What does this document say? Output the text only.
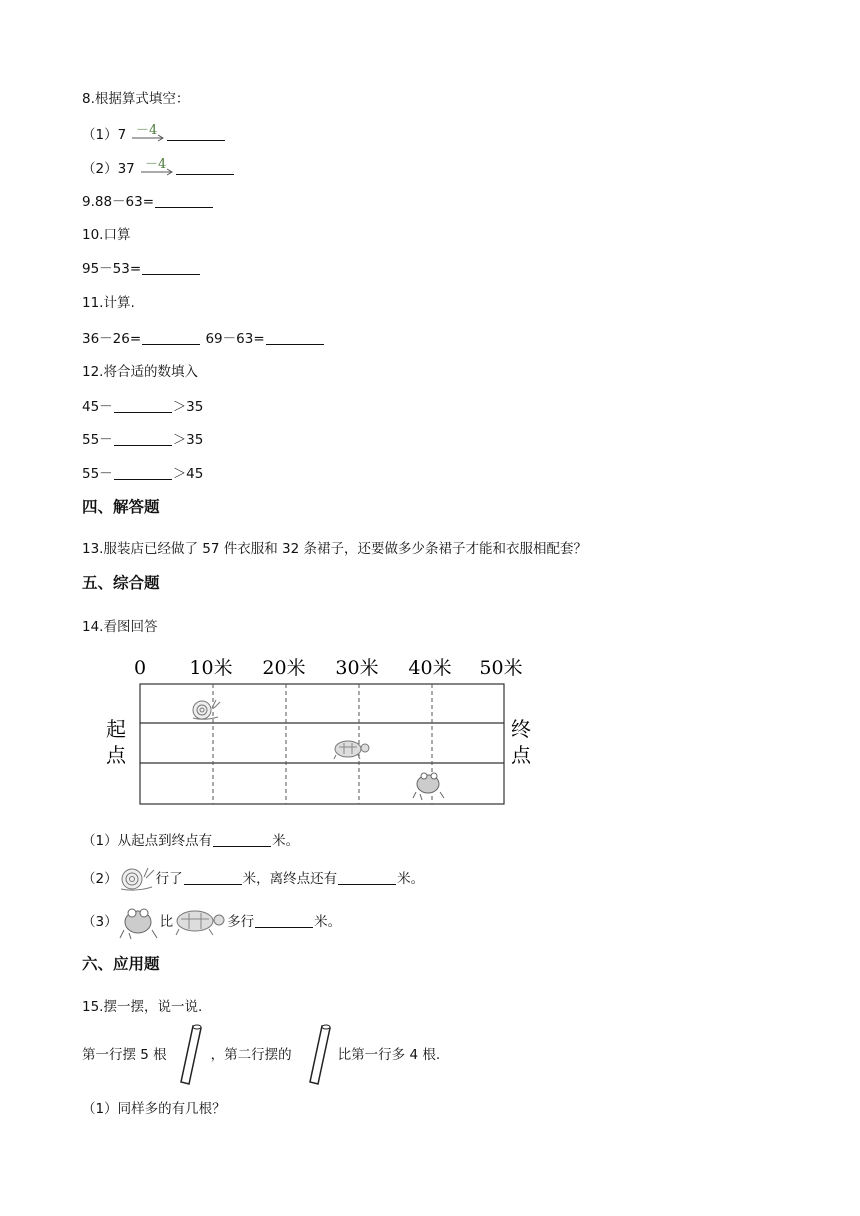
8.根据算式填空：
（1）7 －4
（2）37 －4
9.88－63=
10.口算
95－53=
11.计算.
36－26=	69－63=
12.将合适的数填入
45－	＞35
55－	＞35
55－	＞45
四、解答题
13.服装店已经做了 57 件衣服和 32 条裙子，还要做多少条裙子才能和衣服相配套？
五、综合题
14.看图回答
0 10米 20米 30米 40米 50米
起
点
终
点
（1）从起点到终点有	米。
（2）	行了	米，离终点还有	米。
（3）	比	多行	米。
六、应用题
15.摆一摆，说一说.
第一行摆 5 根	，第二行摆的	比第一行多 4 根.
（1）同样多的有几根？
